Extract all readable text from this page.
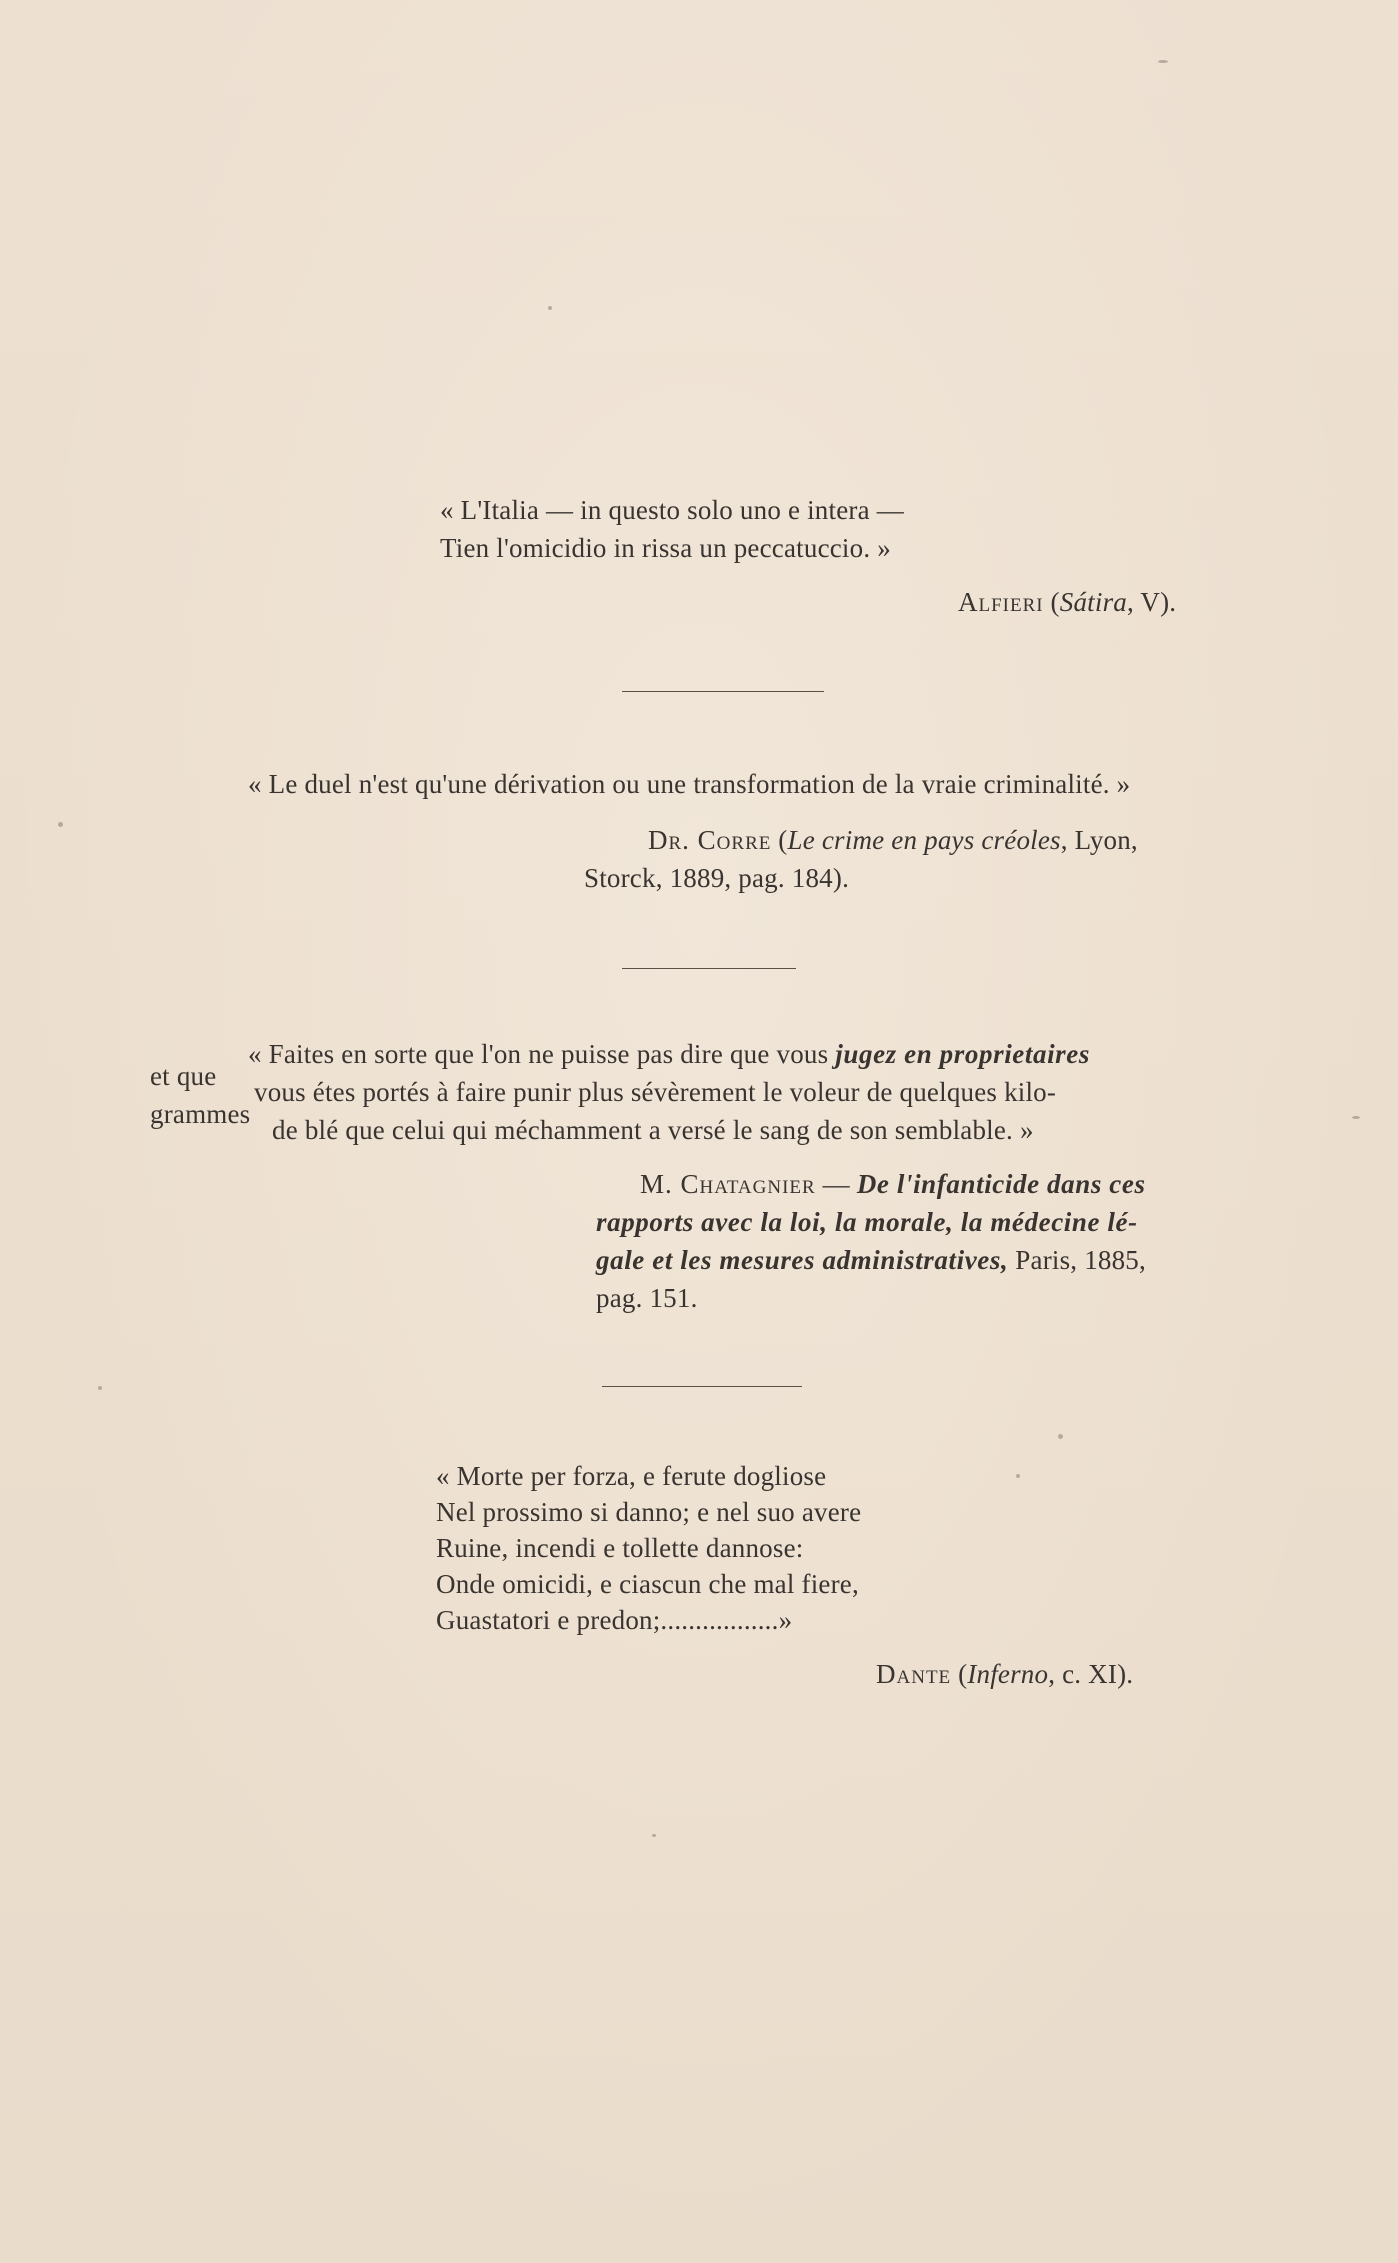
« L'Italia — in questo solo uno e intera —
Tien l'omicidio in rissa un peccatuccio. »
Alfieri (Sátira, V).
« Le duel n'est qu'une dérivation ou une transformation de la vraie criminalité. »
Dr. Corre (Le crime en pays créoles, Lyon,
Storck, 1889, pag. 184).
« Faites en sorte que l'on ne puisse pas dire que vous jugez en proprietaires
et que
vous étes portés à faire punir plus sévèrement le voleur de quelques kilo-
grammes
de blé que celui qui méchamment a versé le sang de son semblable. »
M. Chatagnier — De l'infanticide dans ces
rapports avec la loi, la morale, la médecine lé-
gale et les mesures administratives, Paris, 1885,
pag. 151.
« Morte per forza, e ferute dogliose
Nel prossimo si danno; e nel suo avere
Ruine, incendi e tollette dannose:
Onde omicidi, e ciascun che mal fiere,
Guastatori e predon;.................»
Dante (Inferno, c. XI).
